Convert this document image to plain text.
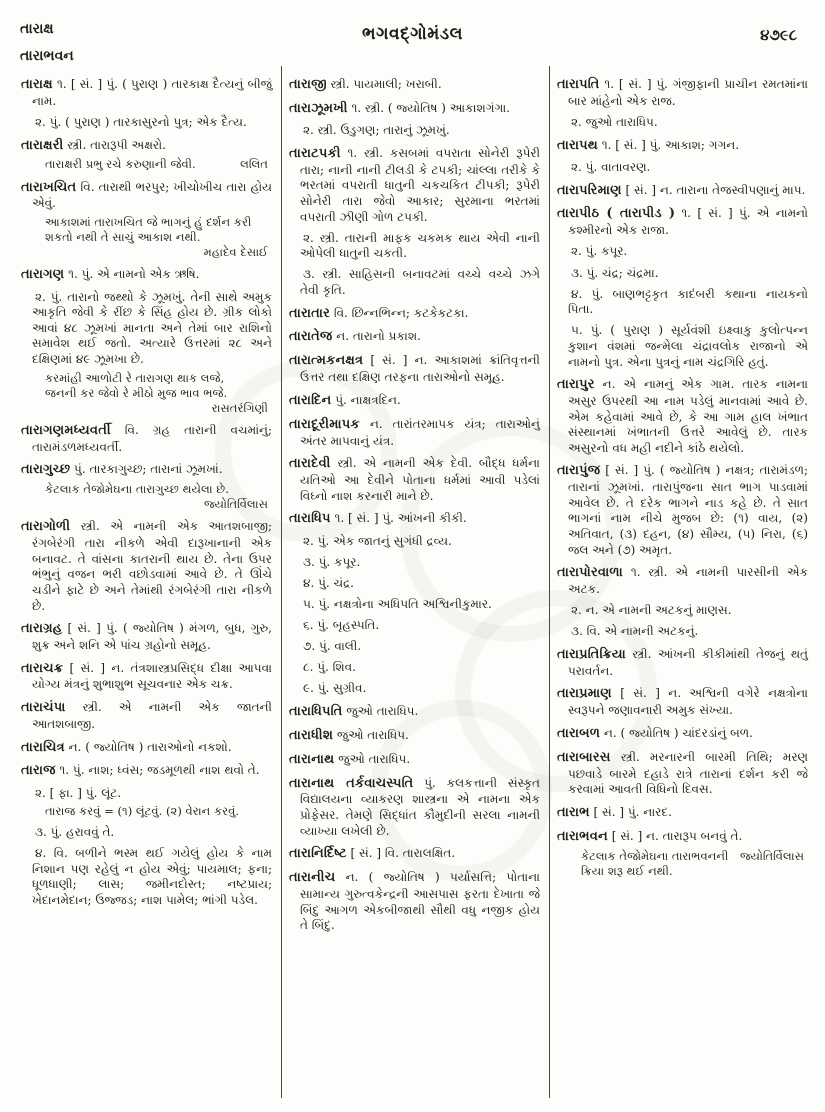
તારાક્ષ
તારાભવન
ભગવદ્ગોમંડલ	૪૭૯૮

તારાક્ષ ૧. [ સં. ] પું. ( પુરાણ ) તારકાક્ષ દૈત્યનું બીજું નામ.

૨. પું. ( પુરાણ ) તારકાસુરનો પુત્ર; એક દૈત્ય.

તારાક્ષરી સ્ત્રી. તારારૂપી અક્ષરો.

તારાક્ષરી પ્રભુ રચે કરુણાની જેવી.	લલિત

તારાખચિત વિ. તારાથી ભરપુર; ખીચોખીચ તારા હોય એવું.

આકાશમાં તારાખચિત જે ભાગનું હું દર્શન કરી શકતો નથી તે સાચું આકાશ નથી.
મહાદેવ દેસાઈ

તારાગણ ૧. પું. એ નામનો એક ઋષિ.

૨. પું. તારાનો જથ્થો કે ઝૂમખું. તેની સાથે અમુક આકૃતિ જેવી કે રીંછ કે સિંહ હોય છે. ગ્રીક લોકો આવાં ૪૮ ઝૂમખાં માનતા અને તેમાં બાર રાશિનો સમાવેશ થઈ જતો. અત્યારે ઉત્તરમાં ૨૮ અને દક્ષિણમાં ૪૯ ઝૂમખા છે.

કરમાંહી આળોટી રે તારાગણ થાક લજે,
જનની કર જેવો રે મીઠો મુજ ભાવ ભજે.
રાસતરંગિણી

તારાગણમધ્યવર્તી વિ. ગ્રહ તારાની વચમાંનું; તારામંડળમધ્યવર્તી.

તારાગુચ્છ પું. તારકાગુચ્છ; તારાનાં ઝૂમખાં.

કેટલાક તેજોમેઘના તારાગુચ્છ થયેલા છે.
જ્યોતિર્વિલાસ

તારાગોળી સ્ત્રી. એ નામની એક આતશબાજી; રંગબેરંગી તારા નીકળે એવી દારૂખાનાની એક બનાવટ. તે વાંસના કાતરાની થાય છે. તેના ઉપર ભંભુનું વજન ભરી વછોડવામાં આવે છે. તે ઊંચે ચડીને ફાટે છે અને તેમાંથી રંગબેરંગી તારા નીકળે છે.

તારાગ્રહ [ સં. ] પું. ( જ્યોતિષ ) મંગળ, બુધ, ગુરુ, શુક્ર અને શનિ એ પાંચ ગ્રહોનો સમૂહ.

તારાચક્ર [ સં. ] ન. તંત્રશાસ્ત્રપ્રસિદ્ધ દીક્ષા આપવા યોગ્ય મંત્રનું શુભાશુભ સૂચવનાર એક ચક્ર.

તારાચંપા સ્ત્રી. એ નામની એક જાતની આતશબાજી.

તારાચિત્ર ન. ( જ્યોતિષ ) તારાઓનો નકશો.

તારાજ ૧. પું. નાશ; ધ્વંસ; જડમૂળથી નાશ થવો તે.

૨. [ ફા. ] પું. લૂંટ.

તારાજ કરવું = (૧) લૂંટવું. (૨) વેરાન કરવું.

૩. પું. હરાવવું તે.

૪. વિ. બળીને ભસ્મ થઈ ગયેલું હોય કે નામ નિશાન પણ રહેલું ન હોય એવું; પાયમાલ; ફના; ધૂળધાણી; લાસ; જમીનદોસ્ત; નષ્ટપ્રાય; ખેદાનમેદાન; ઉજ્જડ; નાશ પામેલ; ભાંગી પડેલ.

તારાજી સ્ત્રી. પાયમાલી; ખરાબી.

તારાઝૂમખી ૧. સ્ત્રી. ( જ્યોતિષ ) આકાશગંગા.

૨. સ્ત્રી. ઉડુગણ; તારાનું ઝૂમખું.

તારાટપકી ૧. સ્ત્રી. કસબમાં વપરાતા સોનેરી રૂપેરી તારા; નાની નાની ટીલડી કે ટપકી; ચાંલ્લા તરીકે કે ભરતમાં વપરાતી ધાતુની ચકચકિત ટીપકી; રૂપેરી સોનેરી તારા જેવો આકાર; સુરમાના ભરતમાં વપરાતી ઝીણી ગોળ ટપકી.

૨. સ્ત્રી. તારાની માફક ચકમક થાય એવી નાની ઓપેલી ધાતુની ચકતી.

૩. સ્ત્રી. સાહિસની બનાવટમાં વચ્ચે વચ્ચે ઝગે તેવી કૃતિ.

તારાતાર વિ. છિન્નભિન્ન; કટકેકટકા.

તારાતેજ ન. તારાનો પ્રકાશ.

તારાત્મકનક્ષત્ર [ સં. ] ન. આકાશમાં ક્રાંતિવૃત્તની ઉત્તર તથા દક્ષિણ તરફના તારાઓનો સમૂહ.

તારાદિન પું. નાક્ષત્રદિન.

તારાદૂરીમાપક ન. તારાંતરમાપક યંત્ર; તારાઓનું અંતર માપવાનું યંત્ર.

તારાદેવી સ્ત્રી. એ નામની એક દેવી. બૌદ્ધ ધર્મના યતિઓ આ દેવીને પોતાના ધર્મમાં આવી પડેલાં વિઘ્નો નાશ કરનારી માને છે.

તારાધિપ ૧. [ સં. ] પું. આંખની કીકી.

૨. પું. એક જાતનું સુગંધી દ્રવ્ય.

૩. પું. કપૂર.

૪. પું. ચંદ્ર.

૫. પું. નક્ષત્રોના અધિપતિ અશ્વિનીકુમાર.

૬. પું. બૃહસ્પતિ.

૭. પું. વાલી.

૮. પું. શિવ.

૯. પું. સુગ્રીવ.

તારાધિપતિ જુઓ તારાધિપ.

તારાધીશ જુઓ તારાધિપ.

તારાનાથ જુઓ તારાધિપ.

તારાનાથ તર્કવાચસ્પતિ પું. કલકત્તાની સંસ્કૃત વિદ્યાલયના વ્યાકરણ શાસ્ત્રના એ નામના એક પ્રોફેસર. તેમણે સિદ્ધાંત કૌમુદીની સરલા નામની વ્યાખ્યા લખેલી છે.

તારાનિર્દિષ્ટ [ સં. ] વિ. તારાલક્ષિત.

તારાનીચ ન. ( જ્યોતિષ ) પર્યાસત્તિ; પોતાના સામાન્ય ગુરુત્વકેન્દ્રની આસપાસ ફરતા દેખાતા જે બિંદુ આગળ એકબીજાથી સૌથી વધુ નજીક હોય તે બિંદુ.

તારાપતિ ૧. [ સં. ] પું. ગંજીફાની પ્રાચીન રમતમાંના બાર માંહેનો એક રાજ.

૨. જુઓ તારાધિપ.

તારાપથ ૧. [ સં. ] પું. આકાશ; ગગન.

૨. પું. વાતાવરણ.

તારાપરિમાણ [ સં. ] ન. તારાના તેજસ્વીપણાનું માપ.

તારાપીઠ ( તારાપીડ ) ૧. [ સં. ] પું. એ નામનો કશ્મીરનો એક રાજા.

૨. પું. કપૂર.

૩. પું. ચંદ્ર; ચંદ્રમા.

૪. પું. બાણભટ્ટકૃત કાદંબરી કથાના નાયકનો પિતા.

૫. પું. ( પુરાણ ) સૂર્યવંશી ઇક્ષ્વાકુ કુલોત્પન્ન કુશાન વંશમાં જન્મેલા ચંદ્રાવલોક રાજાનો એ નામનો પુત્ર. એના પુત્રનું નામ ચંદ્રગિરિ હતું.

તારાપુર ન. એ નામનું એક ગામ. તારક નામના અસુર ઉપરથી આ નામ પડેલું માનવામાં આવે છે. એમ કહેવામાં આવે છે, કે આ ગામ હાલ ખંભાત સંસ્થાનમાં ખંભાતની ઉત્તરે આવેલું છે. તારક અસુરનો વધ મહી નદીને કાંઠે થયેલો.

તારાપુંજ [ સં. ] પું. ( જ્યોતિષ ) નક્ષત્ર; તારામંડળ; તારાનાં ઝૂમખાં. તારાપુંજના સાત ભાગ પાડવામાં આવેલ છે. તે દરેક ભાગને નાડ કહે છે. તે સાત ભાગનાં નામ નીચે મુજબ છે: (૧) વાય, (૨) અતિવાત, (૩) દહન, (૪) સૌમ્ય, (૫) નિરા, (૬) જલ અને (૭) અમૃત.

તારાપોરવાળા ૧. સ્ત્રી. એ નામની પારસીની એક અટક.

૨. ન. એ નામની અટકનું માણસ.

૩. વિ. એ નામની અટકનું.

તારાપ્રતિક્રિયા સ્ત્રી. આંખની કીકીમાંથી તેજનું થતું પરાવર્તન.

તારાપ્રમાણ [ સં. ] ન. અશ્વિની વગેરે નક્ષત્રોના સ્વરૂપને જણાવનારી અમુક સંખ્યા.

તારાબળ ન. ( જ્યોતિષ ) ચાંદરડાંનું બળ.

તારાબારસ સ્ત્રી. મરનારની બારમી તિથિ; મરણ પછવાડે બારમે દહાડે રાત્રે તારાનાં દર્શન કરી જે કરવામાં આવતી વિધિનો દિવસ.

તારાભ [ સં. ] પું. નારદ.

તારાભવન [ સં. ] ન. તારારૂપ બનવું તે.

કેટલાક તેજોમેઘના તારાભવનની ક્રિયા શરૂ થઈ નથી.
જ્યોતિર્વિલાસ
